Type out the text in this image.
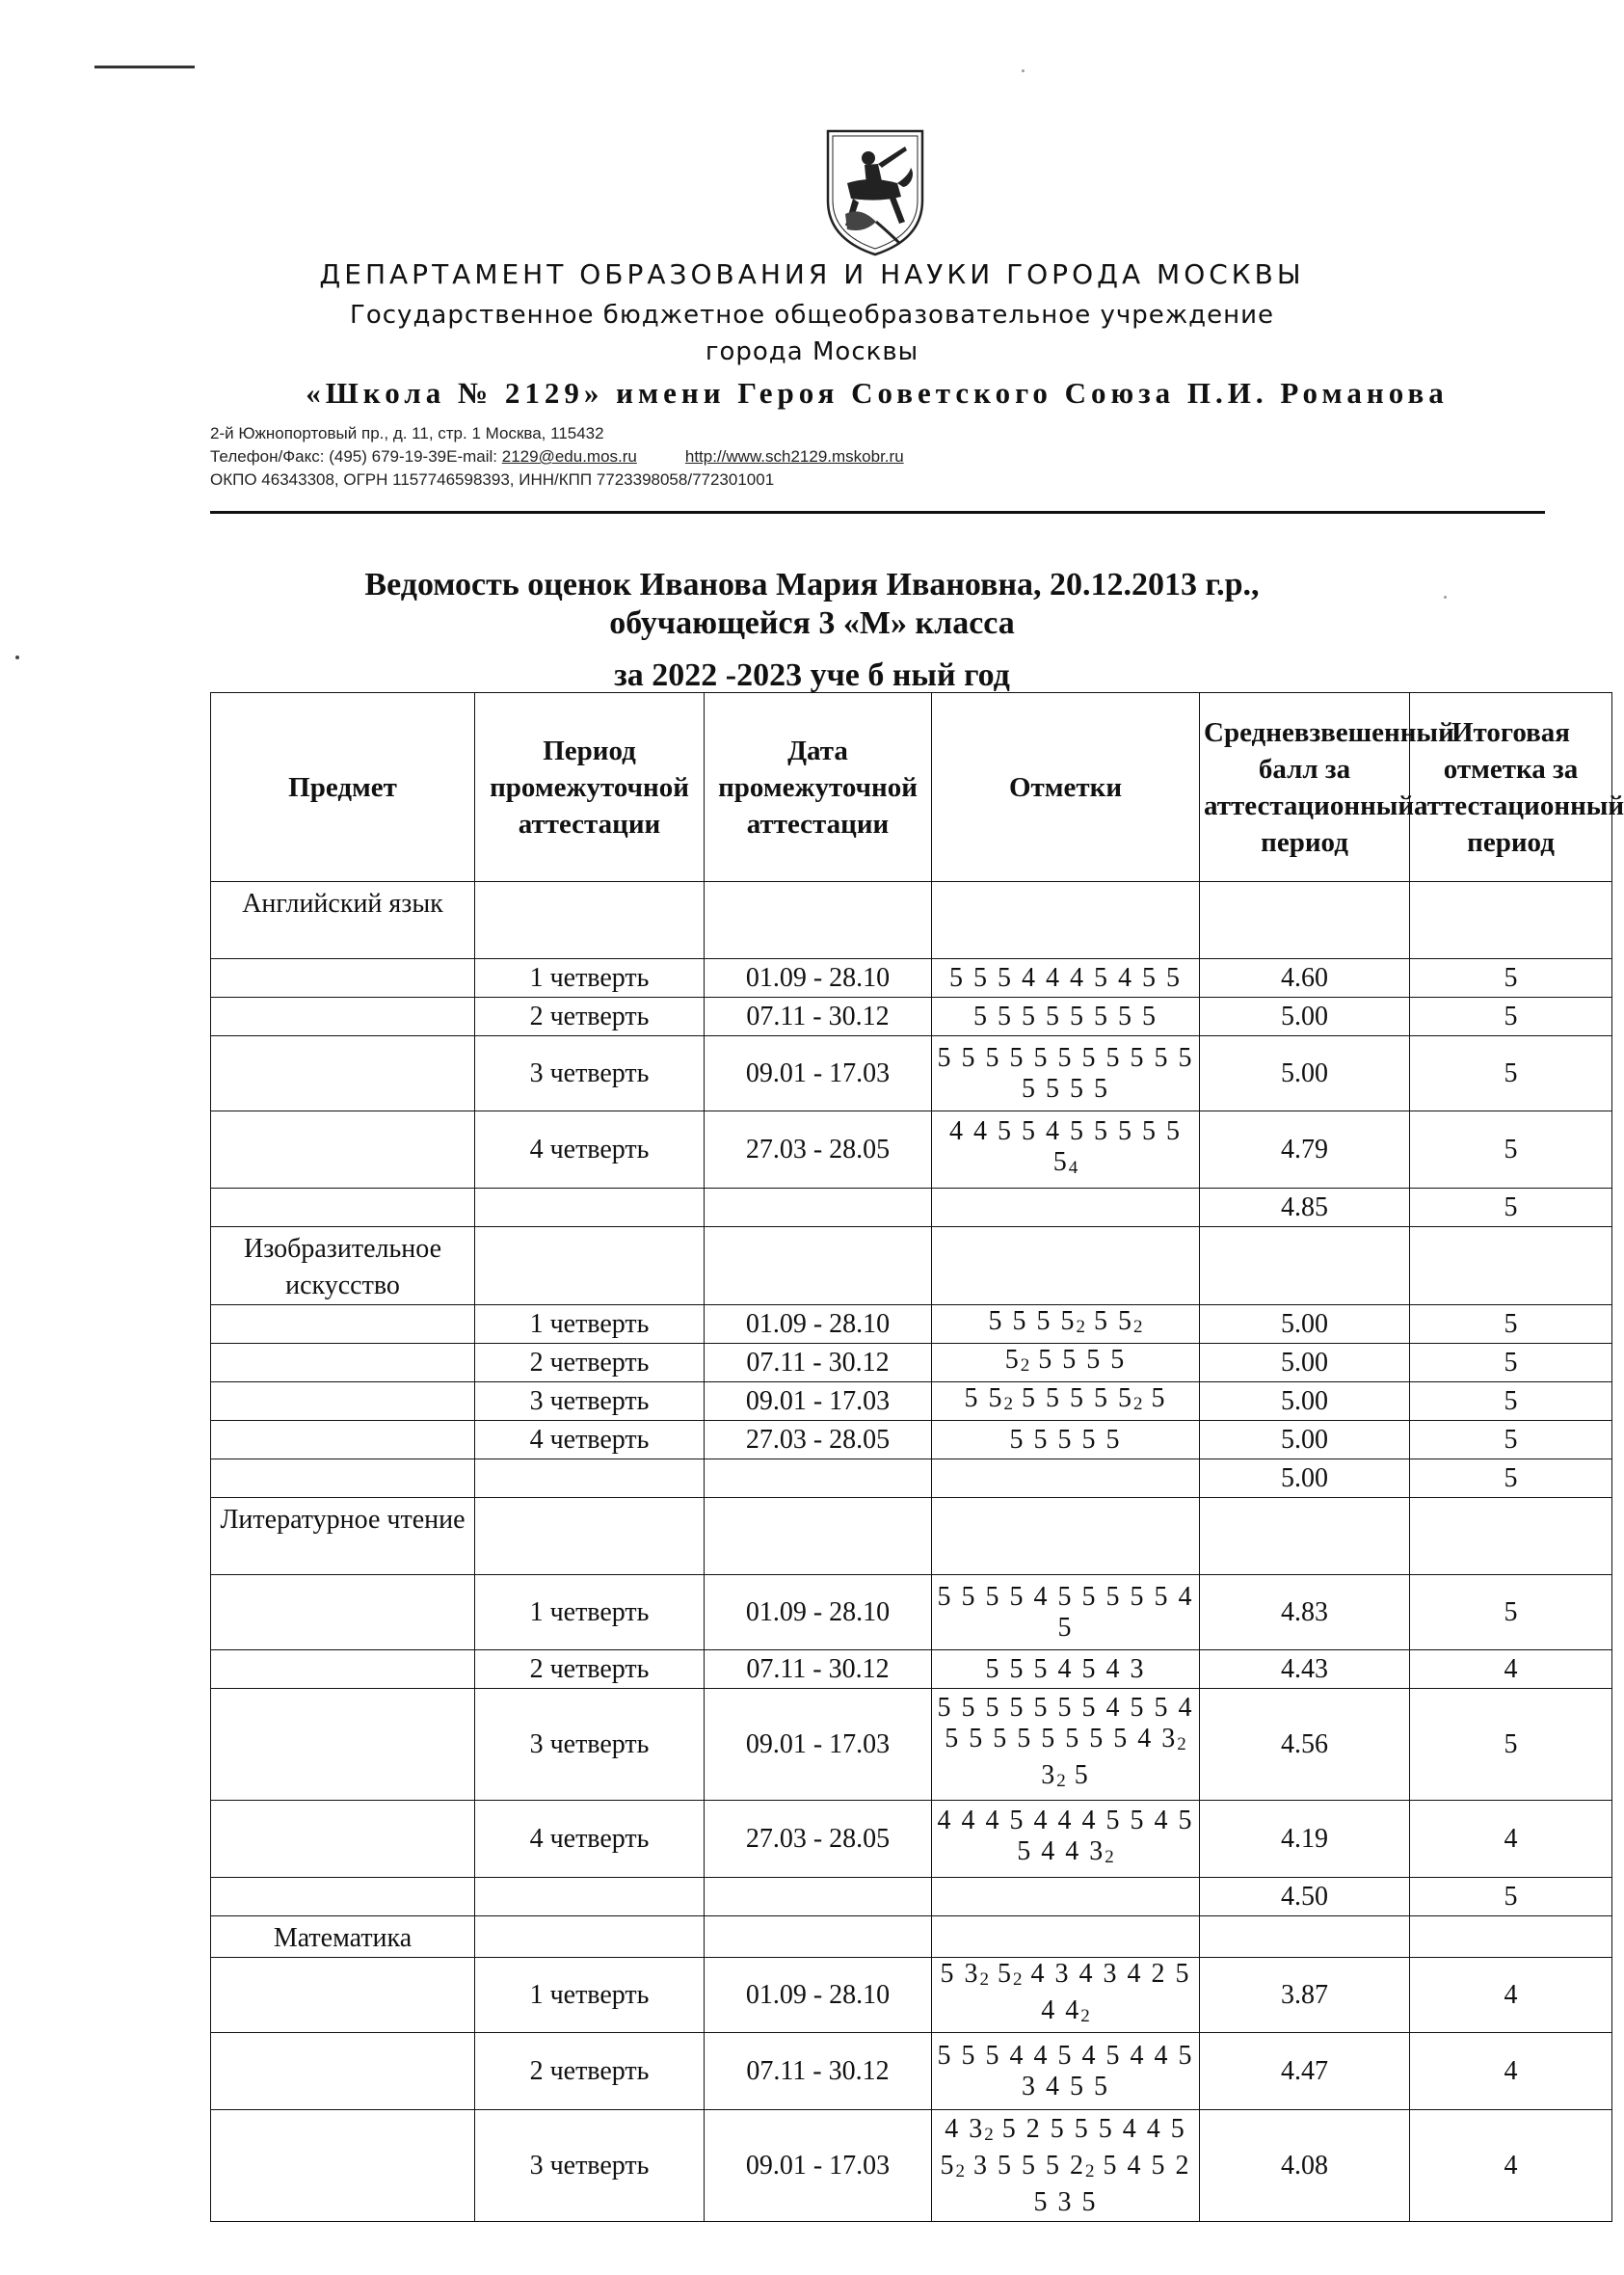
ДЕПАРТАМЕНТ ОБРАЗОВАНИЯ И НАУКИ ГОРОДА МОСКВЫ
Государственное бюджетное общеобразовательное учреждение
города Москвы
«Школа № 2129» имени Героя Советского Союза П.И. Романова
2-й Южнопортовый пр., д. 11, стр. 1 Москва, 115432
Телефон/Факс: (495) 679-19-39E-mail: 2129@edu.mos.ru	http://www.sch2129.mskobr.ru
ОКПО 46343308, ОГРН 1157746598393, ИНН/КПП 7723398058/772301001
Ведомость оценок Иванова Мария Ивановна, 20.12.2013 г.р.,
обучающейся 3 «М» класса
за 2022 -2023 уче б ный год
Предмет	Период промежуточной аттестации	Дата промежуточной аттестации	Отметки	Средневзвешенный балл за аттестационный период	Итоговая отметка за аттестационный период
Английский язык					
	1 четверть	01.09 - 28.10	5 5 5 4 4 4 5 4 5 5	4.60	5
	2 четверть	07.11 - 30.12	5 5 5 5 5 5 5 5	5.00	5
	3 четверть	09.01 - 17.03	5 5 5 5 5 5 5 5 5 5 5 5 5 5 5	5.00	5
	4 четверть	27.03 - 28.05	4 4 5 5 4 5 5 5 5 5 $5_4$	4.79	5
				4.85	5
Изобразительное искусство					
	1 четверть	01.09 - 28.10	5 5 5 $5_2$ 5 $5_2$	5.00	5
	2 четверть	07.11 - 30.12	$5_2$ 5 5 5 5	5.00	5
	3 четверть	09.01 - 17.03	5 $5_2$ 5 5 5 5 $5_2$ 5	5.00	5
	4 четверть	27.03 - 28.05	5 5 5 5 5	5.00	5
				5.00	5
Литературное чтение					
	1 четверть	01.09 - 28.10	5 5 5 5 4 5 5 5 5 5 4 5	4.83	5
	2 четверть	07.11 - 30.12	5 5 5 4 5 4 3	4.43	4
	3 четверть	09.01 - 17.03	5 5 5 5 5 5 5 4 5 5 4 5 5 5 5 5 5 5 5 4 $3_2$ $3_2$ 5	4.56	5
	4 четверть	27.03 - 28.05	4 4 4 5 4 4 4 5 5 4 5 5 4 4 $3_2$	4.19	4
				4.50	5
Математика					
	1 четверть	01.09 - 28.10	5 $3_2$ $5_2$ 4 3 4 3 4 2 5 4 $4_2$	3.87	4
	2 четверть	07.11 - 30.12	5 5 5 4 4 5 4 5 4 4 5 3 4 5 5	4.47	4
	3 четверть	09.01 - 17.03	4 $3_2$ 5 2 5 5 5 4 4 5 $5_2$ 3 5 5 5 $2_2$ 5 4 5 2 5 3 5	4.08	4
